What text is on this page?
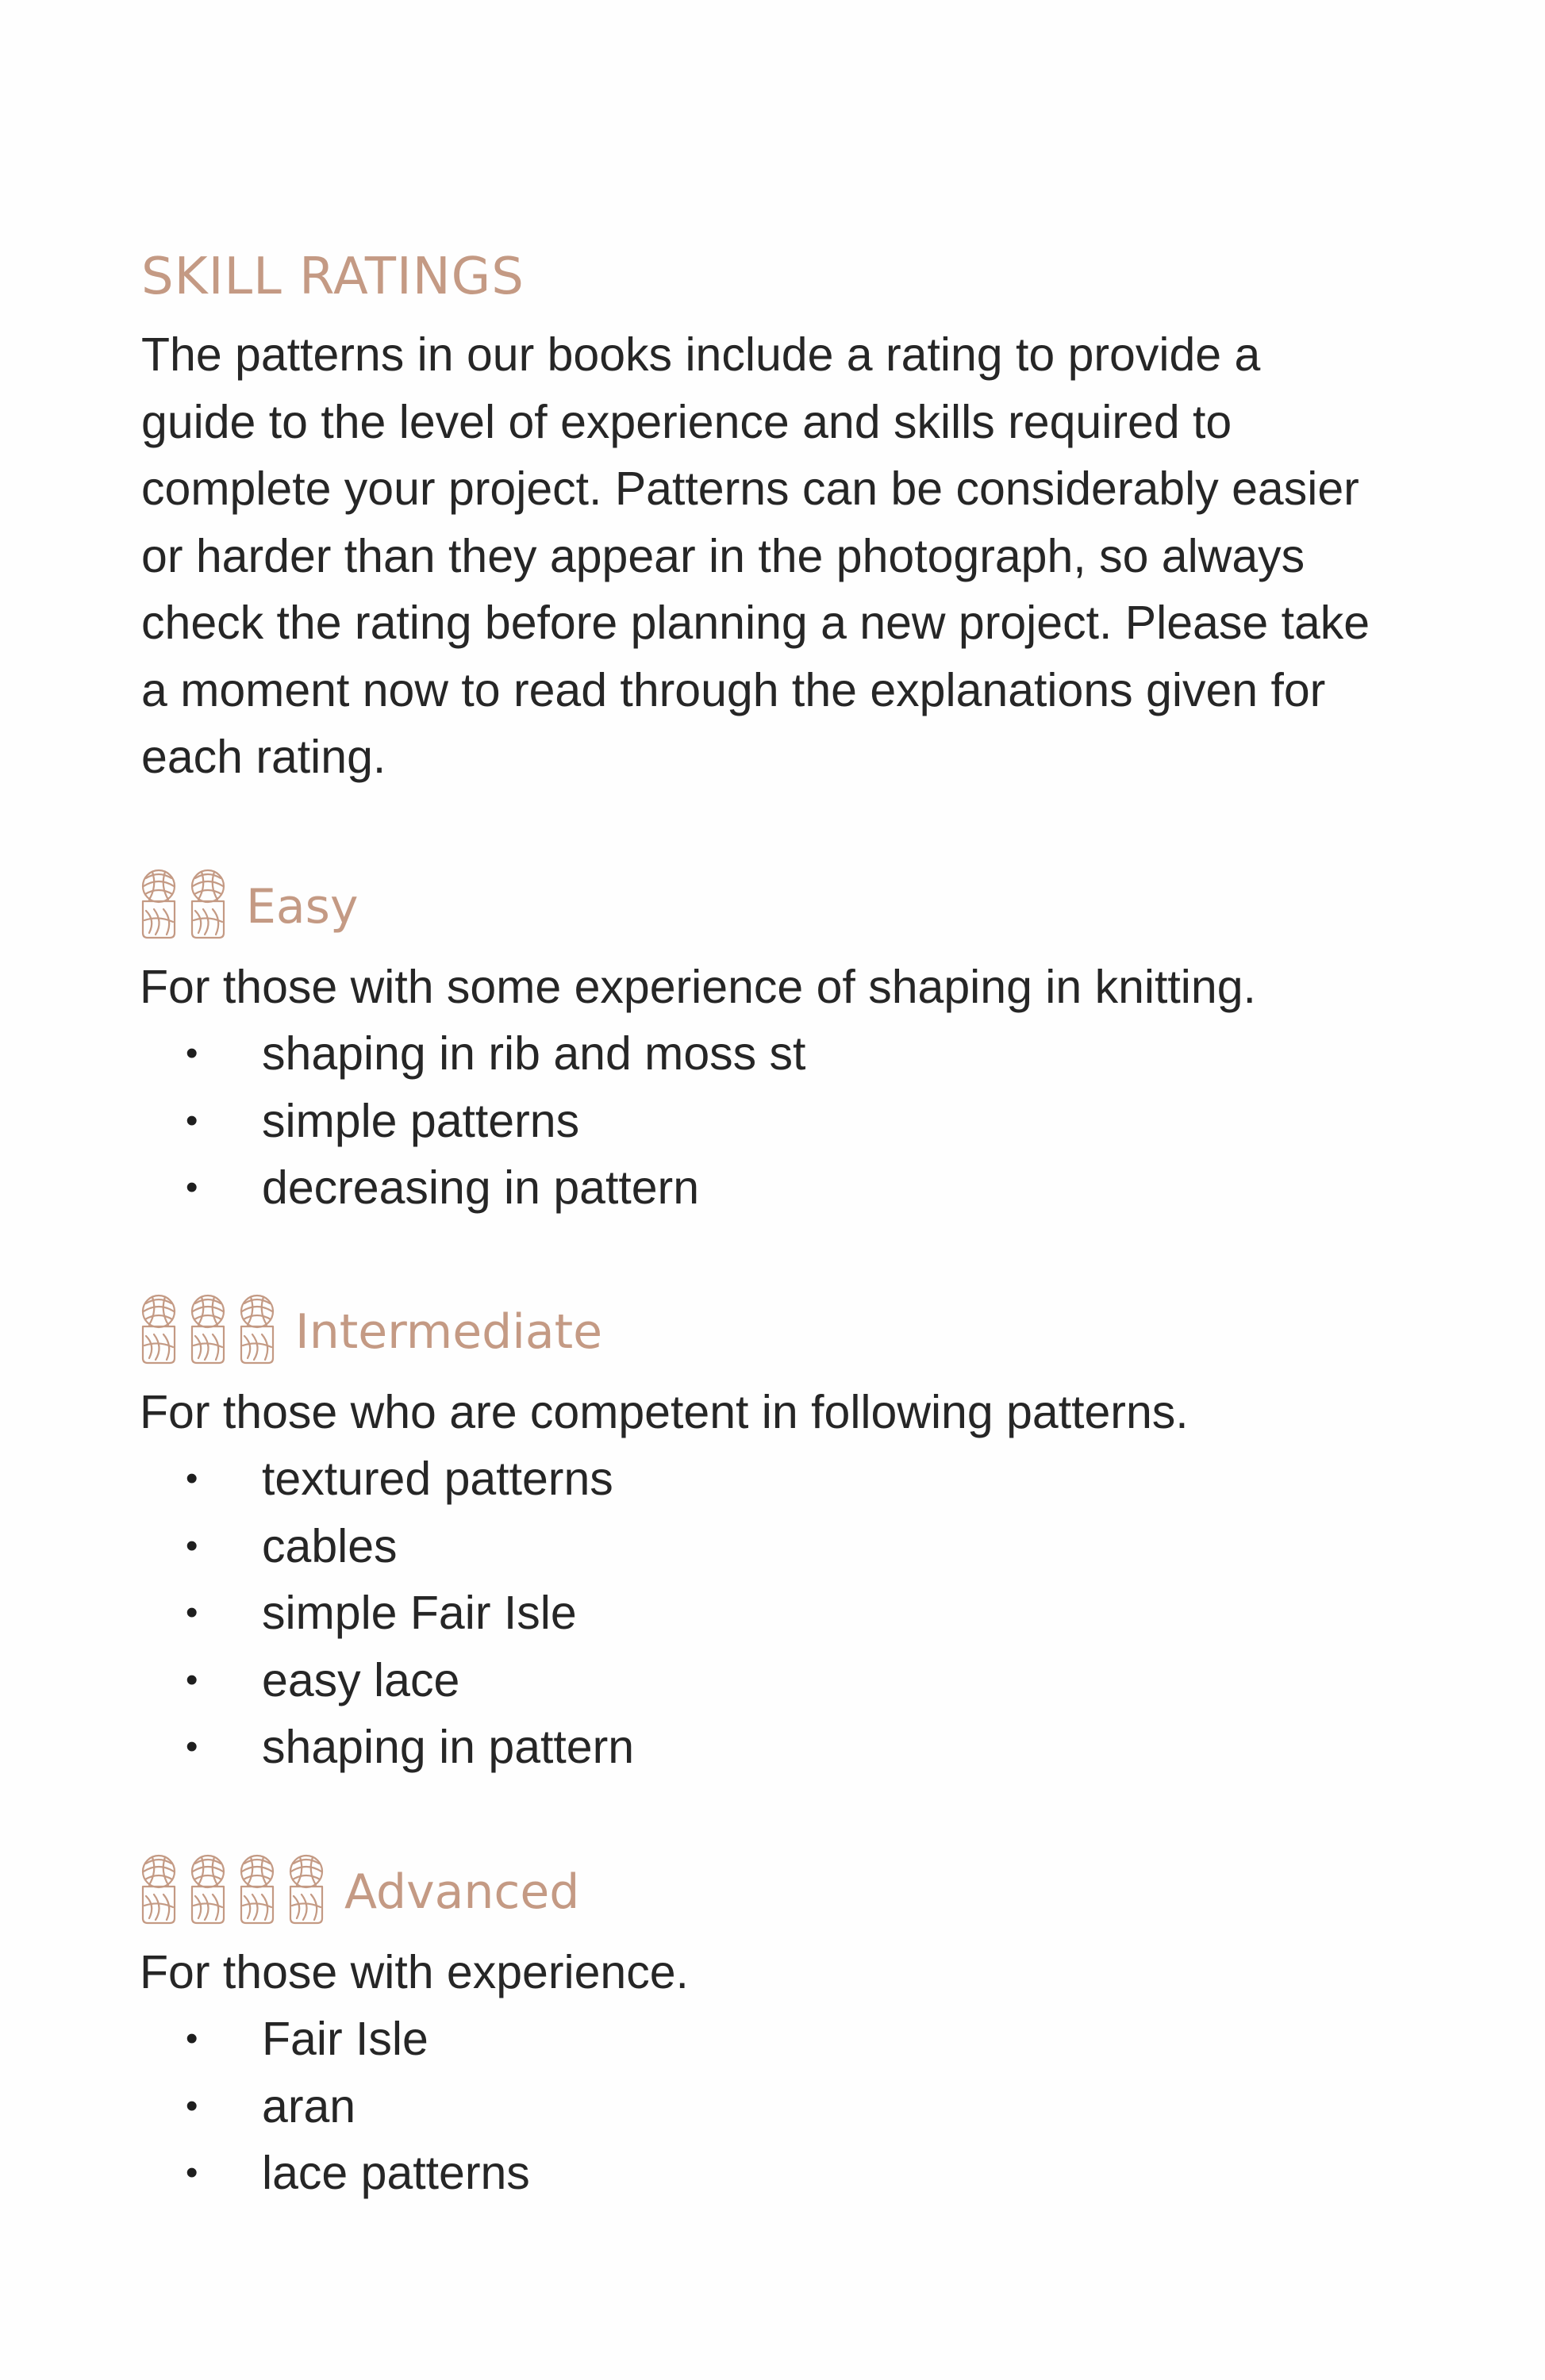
SKILL RATINGS

The patterns in our books include a rating to provide a guide to the level of experience and skills required to complete your project. Patterns can be considerably easier or harder than they appear in the photograph, so always check the rating before planning a new project. Please take a moment now to read through the explanations given for each rating.

Easy
For those with some experience of shaping in knitting.
•	shaping in rib and moss st
•	simple patterns
•	decreasing in pattern
Intermediate
For those who are competent in following patterns.
•	textured patterns
•	cables
•	simple Fair Isle
•	easy lace
•	shaping in pattern
Advanced
For those with experience.
•	Fair Isle
•	aran
•	lace patterns
